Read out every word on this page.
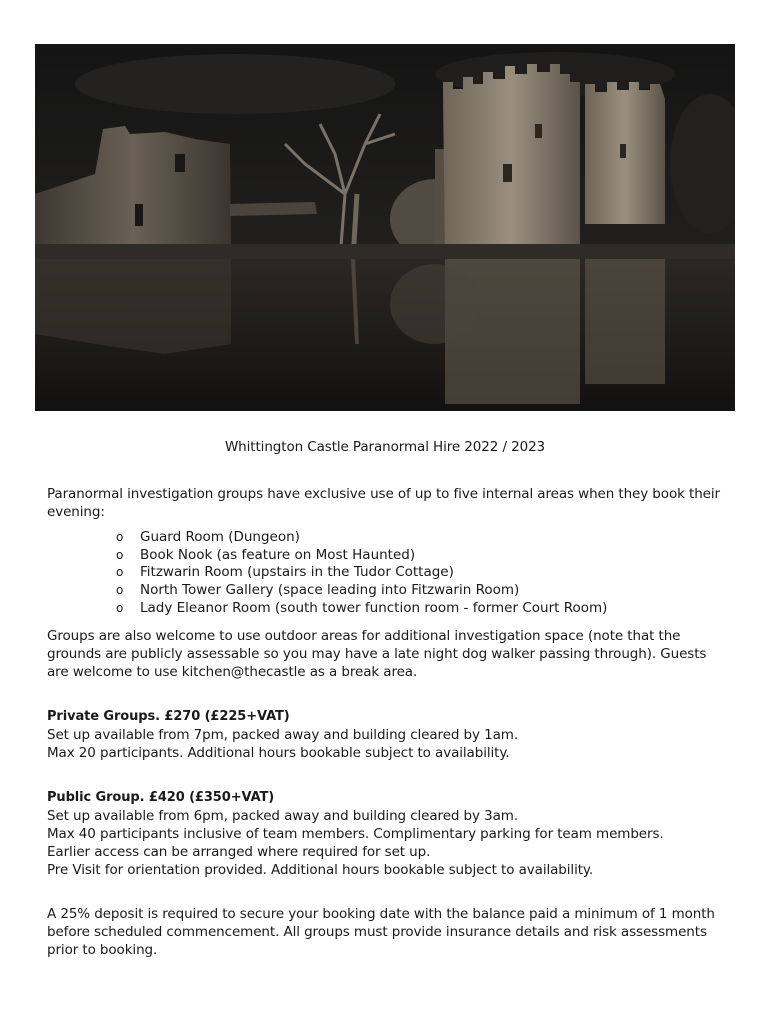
Whittington Castle Paranormal Hire 2022 / 2023

Paranormal investigation groups have exclusive use of up to five internal areas when they book their evening:

o Guard Room (Dungeon)
o Book Nook (as feature on Most Haunted)
o Fitzwarin Room (upstairs in the Tudor Cottage)
o North Tower Gallery (space leading into Fitzwarin Room)
o Lady Eleanor Room (south tower function room - former Court Room)

Groups are also welcome to use outdoor areas for additional investigation space (note that the grounds are publicly assessable so you may have a late night dog walker passing through). Guests are welcome to use kitchen@thecastle as a break area.

Private Groups. £270 (£225+VAT)
Set up available from 7pm, packed away and building cleared by 1am.
Max 20 participants. Additional hours bookable subject to availability.
Public Group. £420 (£350+VAT)
Set up available from 6pm, packed away and building cleared by 3am.
Max 40 participants inclusive of team members. Complimentary parking for team members.
Earlier access can be arranged where required for set up.
Pre Visit for orientation provided. Additional hours bookable subject to availability.

A 25% deposit is required to secure your booking date with the balance paid a minimum of 1 month before scheduled commencement. All groups must provide insurance details and risk assessments prior to booking.
